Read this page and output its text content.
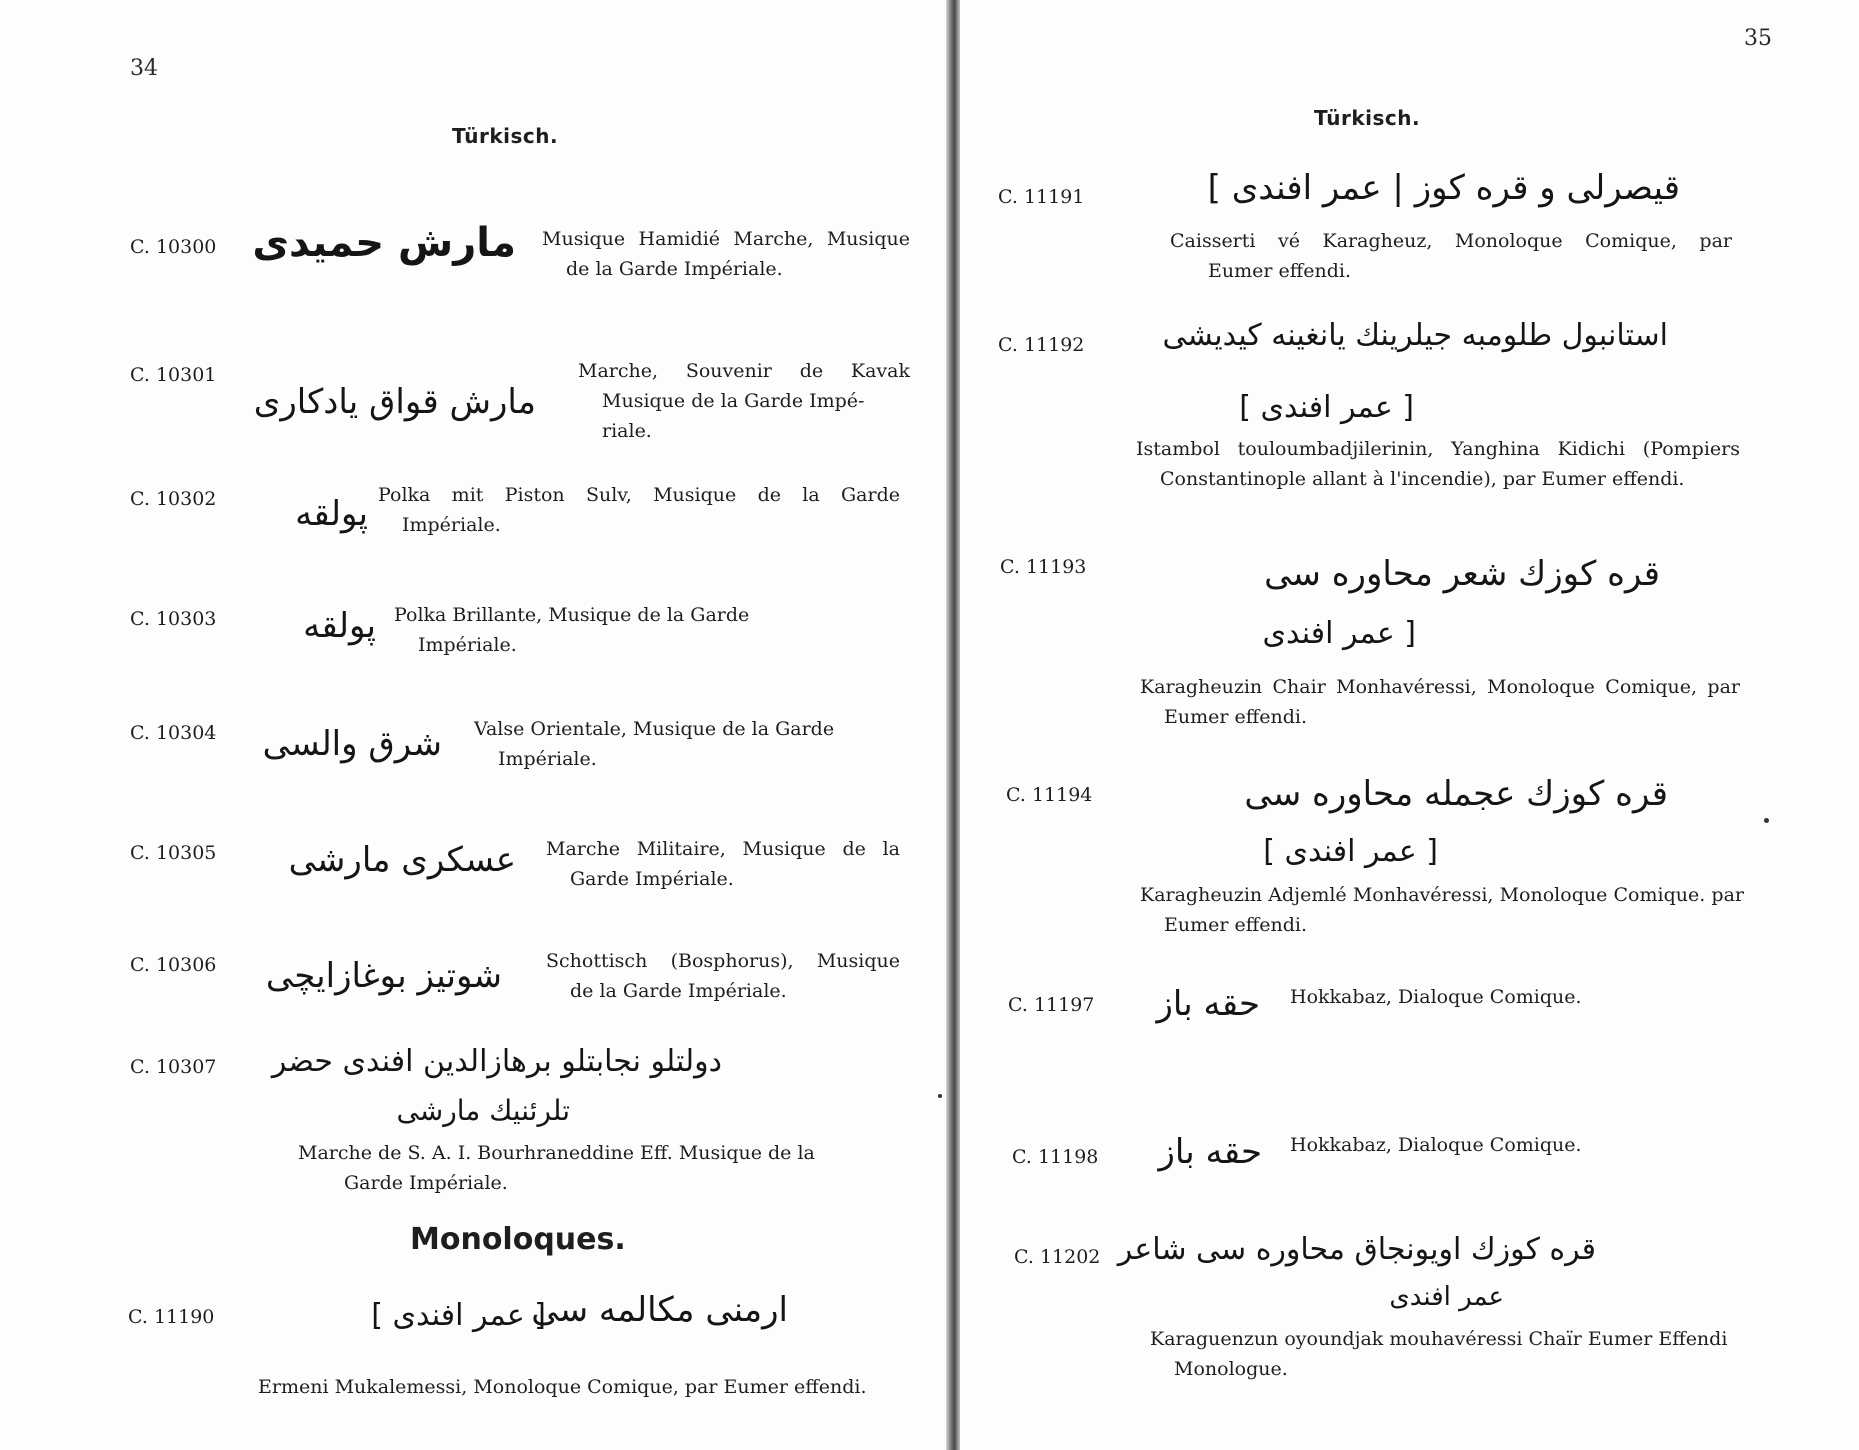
34
Türkisch.
C. 10300 مارش حميدى Musique Hamidié Marche, Musique
de la Garde Impériale.
C. 10301
مارش قواق يادكارى
Marche, Souvenir de Kavak
Musique de la Garde Impé-
riale.
C. 10302	پولقه Polka mit Piston Sulv, Musique de la Garde
Impériale.
C. 10303	پولقه Polka Brillante, Musique de la Garde
Impériale.
C. 10304 شرق والسى Valse Orientale, Musique de la Garde
Impériale.
C. 10305	عسكرى مارشى Marche Militaire, Musique de la
Garde Impériale.
C. 10306 شوتيز بوغازايچى Schottisch (Bosphorus), Musique
de la Garde Impériale.
C. 10307	دولتلو نجابتلو برهازالدين افندى حضر
تلرئنيك مارشى
Marche de S. A. I. Bourhraneddine Eff. Musique de la
Garde Impériale.
Monoloques.
C. 11190	[ عمر افندى ]
ارمنى مكالمه سى
Ermeni Mukalemessi, Monoloque Comique, par Eumer effendi.
35
Türkisch.
C. 11191	قيصرلى و قره كوز | عمر افندى ]
Caisserti vé Karagheuz, Monoloque Comique, par
Eumer effendi.
C. 11192	استانبول طلومبه جيلرينك يانغينه كيديشى
[ عمر افندى ]
Istambol touloumbadjilerinin, Yanghina Kidichi (Pompiers
Constantinople allant à l'incendie), par Eumer effendi.
C. 11193	قره كوزك شعر محاوره سى
[ عمر افندى
Karagheuzin Chair Monhavéressi, Monoloque Comique, par
Eumer effendi.
C. 11194	قره كوزك عجمله محاوره سى
[ عمر افندى ]
Karagheuzin Adjemlé Monhavéressi, Monoloque Comique. par
Eumer effendi.
C. 11197 حقه باز Hokkabaz, Dialoque Comique.
C. 11198 حقه باز Hokkabaz, Dialoque Comique.
C. 11202 قره كوزك اويونجاق محاوره سى شاعر
عمر افندى
Karaguenzun oyoundjak mouhavéressi Chaïr Eumer Effendi
Monologue.
